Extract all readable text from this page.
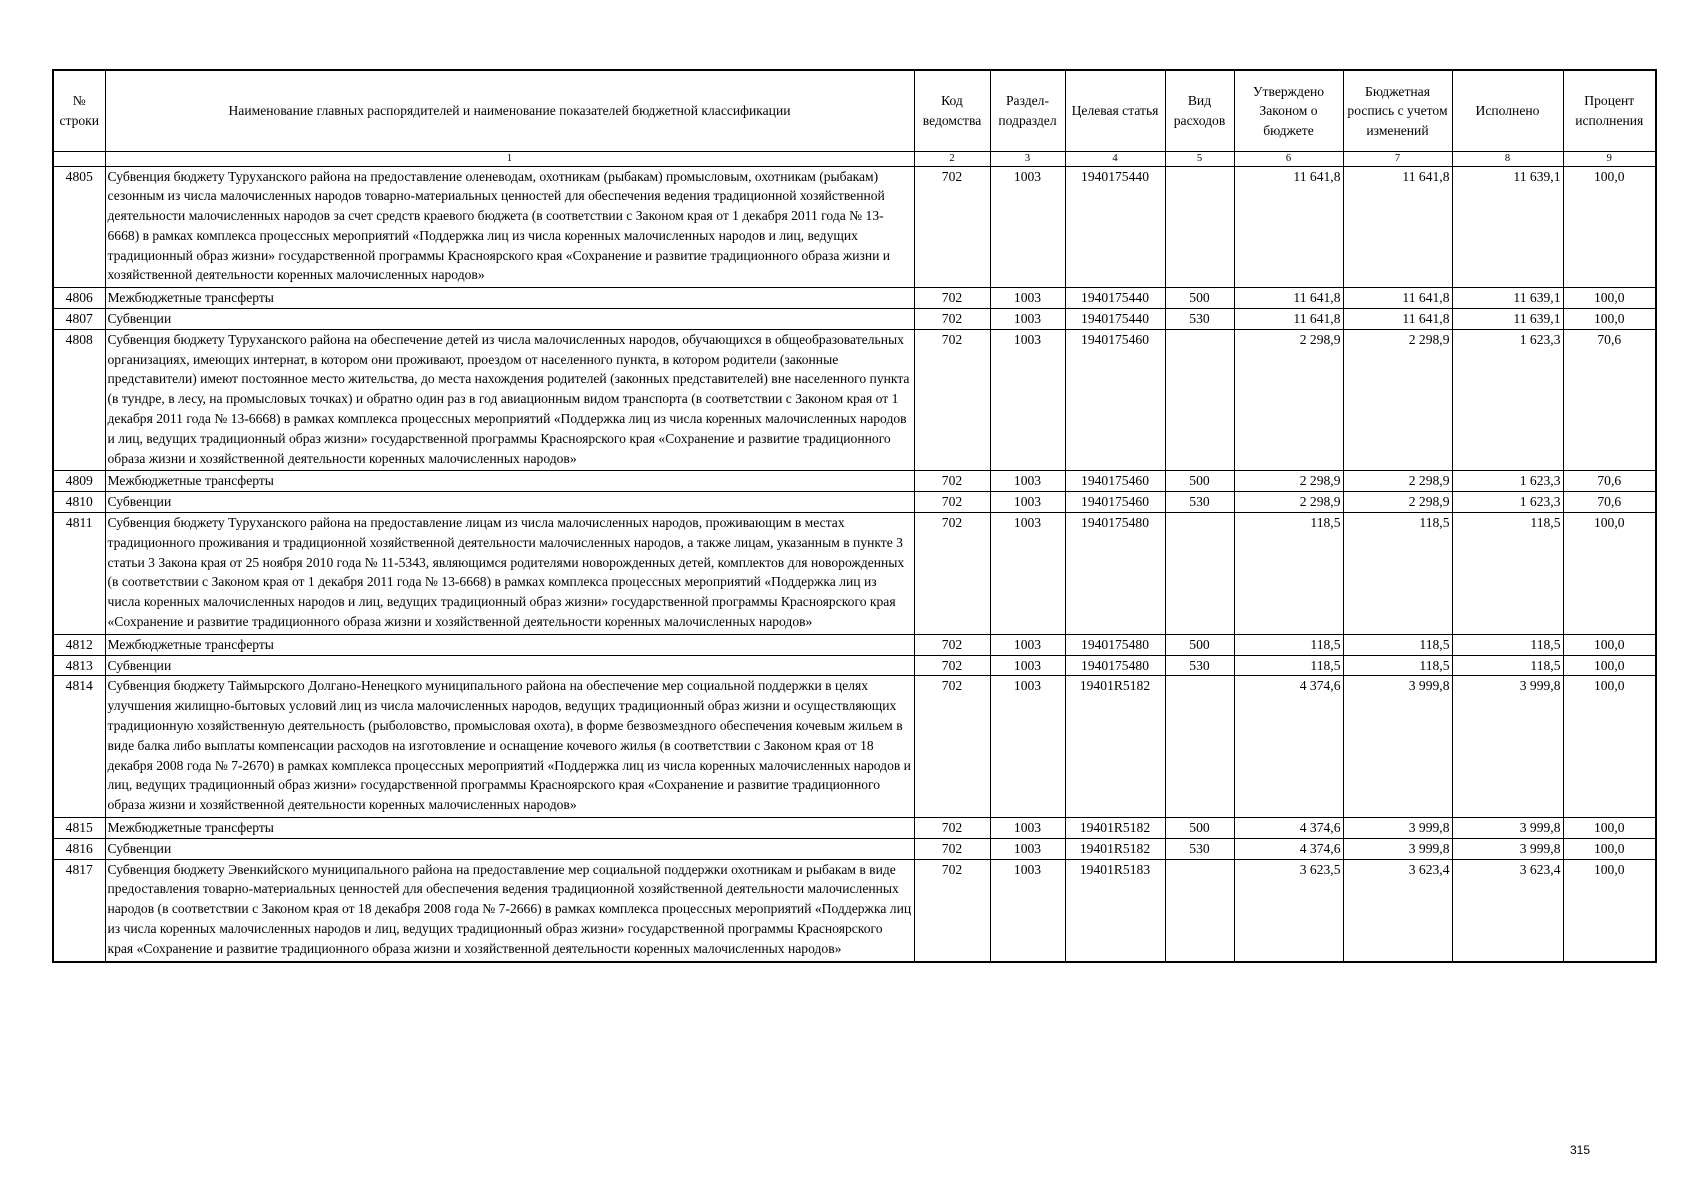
№ строки	Наименование главных распорядителей и наименование показателей бюджетной классификации	Код ведомства	Раздел-подраздел	Целевая статья	Вид расходов	Утверждено Законом о бюджете	Бюджетная роспись с учетом изменений	Исполнено	Процент исполнения
	1	2	3	4	5	6	7	8	9
4805	Субвенция бюджету Туруханского района на предоставление оленеводам, охотникам (рыбакам) промысловым, охотникам (рыбакам) сезонным из числа малочисленных народов товарно-материальных ценностей для обеспечения ведения традиционной хозяйственной деятельности малочисленных народов за счет средств краевого бюджета (в соответствии с Законом края от 1 декабря 2011 года № 13-6668) в рамках комплекса процессных мероприятий «Поддержка лиц из числа коренных малочисленных народов и лиц, ведущих традиционный образ жизни» государственной программы Красноярского края «Сохранение и развитие традиционного образа жизни и хозяйственной деятельности коренных малочисленных народов»	702	1003	1940175440		11 641,8	11 641,8	11 639,1	100,0
4806	Межбюджетные трансферты	702	1003	1940175440	500	11 641,8	11 641,8	11 639,1	100,0
4807	Субвенции	702	1003	1940175440	530	11 641,8	11 641,8	11 639,1	100,0
4808	Субвенция бюджету Туруханского района на обеспечение детей из числа малочисленных народов, обучающихся в общеобразовательных организациях, имеющих интернат, в котором они проживают, проездом от населенного пункта, в котором родители (законные представители) имеют постоянное место жительства, до места нахождения родителей (законных представителей) вне населенного пункта (в тундре, в лесу, на промысловых точках) и обратно один раз в год авиационным видом транспорта (в соответствии с Законом края от 1 декабря 2011 года № 13-6668) в рамках комплекса процессных мероприятий «Поддержка лиц из числа коренных малочисленных народов и лиц, ведущих традиционный образ жизни» государственной программы Красноярского края «Сохранение и развитие традиционного образа жизни и хозяйственной деятельности коренных малочисленных народов»	702	1003	1940175460		2 298,9	2 298,9	1 623,3	70,6
4809	Межбюджетные трансферты	702	1003	1940175460	500	2 298,9	2 298,9	1 623,3	70,6
4810	Субвенции	702	1003	1940175460	530	2 298,9	2 298,9	1 623,3	70,6
4811	Субвенция бюджету Туруханского района на предоставление лицам из числа малочисленных народов, проживающим в местах традиционного проживания и традиционной хозяйственной деятельности малочисленных народов, а также лицам, указанным в пункте 3 статьи 3 Закона края от 25 ноября 2010 года № 11-5343, являющимся родителями новорожденных детей, комплектов для новорожденных (в соответствии с Законом края от 1 декабря 2011 года № 13-6668) в рамках комплекса процессных мероприятий «Поддержка лиц из числа коренных малочисленных народов и лиц, ведущих традиционный образ жизни» государственной программы Красноярского края «Сохранение и развитие традиционного образа жизни и хозяйственной деятельности коренных малочисленных народов»	702	1003	1940175480		118,5	118,5	118,5	100,0
4812	Межбюджетные трансферты	702	1003	1940175480	500	118,5	118,5	118,5	100,0
4813	Субвенции	702	1003	1940175480	530	118,5	118,5	118,5	100,0
4814	Субвенция бюджету Таймырского Долгано-Ненецкого муниципального района на обеспечение мер социальной поддержки в целях улучшения жилищно-бытовых условий лиц из числа малочисленных народов, ведущих традиционный образ жизни и осуществляющих традиционную хозяйственную деятельность (рыболовство, промысловая охота), в форме безвозмездного обеспечения кочевым жильем в виде балка либо выплаты компенсации расходов на изготовление и оснащение кочевого жилья (в соответствии с Законом края от 18 декабря 2008 года № 7-2670) в рамках комплекса процессных мероприятий «Поддержка лиц из числа коренных малочисленных народов и лиц, ведущих традиционный образ жизни» государственной программы Красноярского края «Сохранение и развитие традиционного образа жизни и хозяйственной деятельности коренных малочисленных народов»	702	1003	19401R5182		4 374,6	3 999,8	3 999,8	100,0
4815	Межбюджетные трансферты	702	1003	19401R5182	500	4 374,6	3 999,8	3 999,8	100,0
4816	Субвенции	702	1003	19401R5182	530	4 374,6	3 999,8	3 999,8	100,0
4817	Субвенция бюджету Эвенкийского муниципального района на предоставление мер социальной поддержки охотникам и рыбакам в виде предоставления товарно-материальных ценностей для обеспечения ведения традиционной хозяйственной деятельности малочисленных народов (в соответствии с Законом края от 18 декабря 2008 года № 7-2666) в рамках комплекса процессных мероприятий «Поддержка лиц из числа коренных малочисленных народов и лиц, ведущих традиционный образ жизни» государственной программы Красноярского края «Сохранение и развитие традиционного образа жизни и хозяйственной деятельности коренных малочисленных народов»	702	1003	19401R5183		3 623,5	3 623,4	3 623,4	100,0
315
